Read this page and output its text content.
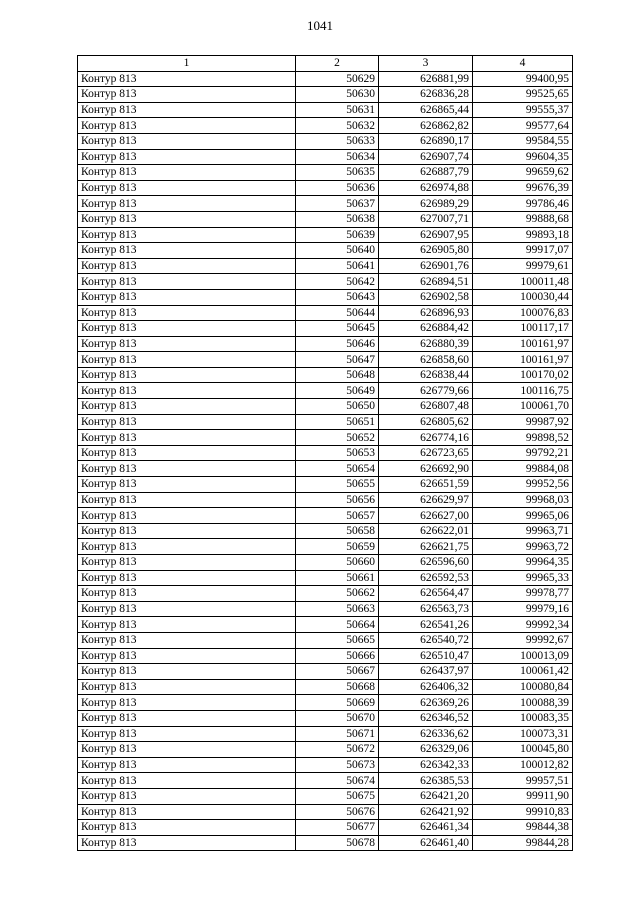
1041
1	2	3	4
Контур 813	50629	626881,99	99400,95
Контур 813	50630	626836,28	99525,65
Контур 813	50631	626865,44	99555,37
Контур 813	50632	626862,82	99577,64
Контур 813	50633	626890,17	99584,55
Контур 813	50634	626907,74	99604,35
Контур 813	50635	626887,79	99659,62
Контур 813	50636	626974,88	99676,39
Контур 813	50637	626989,29	99786,46
Контур 813	50638	627007,71	99888,68
Контур 813	50639	626907,95	99893,18
Контур 813	50640	626905,80	99917,07
Контур 813	50641	626901,76	99979,61
Контур 813	50642	626894,51	100011,48
Контур 813	50643	626902,58	100030,44
Контур 813	50644	626896,93	100076,83
Контур 813	50645	626884,42	100117,17
Контур 813	50646	626880,39	100161,97
Контур 813	50647	626858,60	100161,97
Контур 813	50648	626838,44	100170,02
Контур 813	50649	626779,66	100116,75
Контур 813	50650	626807,48	100061,70
Контур 813	50651	626805,62	99987,92
Контур 813	50652	626774,16	99898,52
Контур 813	50653	626723,65	99792,21
Контур 813	50654	626692,90	99884,08
Контур 813	50655	626651,59	99952,56
Контур 813	50656	626629,97	99968,03
Контур 813	50657	626627,00	99965,06
Контур 813	50658	626622,01	99963,71
Контур 813	50659	626621,75	99963,72
Контур 813	50660	626596,60	99964,35
Контур 813	50661	626592,53	99965,33
Контур 813	50662	626564,47	99978,77
Контур 813	50663	626563,73	99979,16
Контур 813	50664	626541,26	99992,34
Контур 813	50665	626540,72	99992,67
Контур 813	50666	626510,47	100013,09
Контур 813	50667	626437,97	100061,42
Контур 813	50668	626406,32	100080,84
Контур 813	50669	626369,26	100088,39
Контур 813	50670	626346,52	100083,35
Контур 813	50671	626336,62	100073,31
Контур 813	50672	626329,06	100045,80
Контур 813	50673	626342,33	100012,82
Контур 813	50674	626385,53	99957,51
Контур 813	50675	626421,20	99911,90
Контур 813	50676	626421,92	99910,83
Контур 813	50677	626461,34	99844,38
Контур 813	50678	626461,40	99844,28
